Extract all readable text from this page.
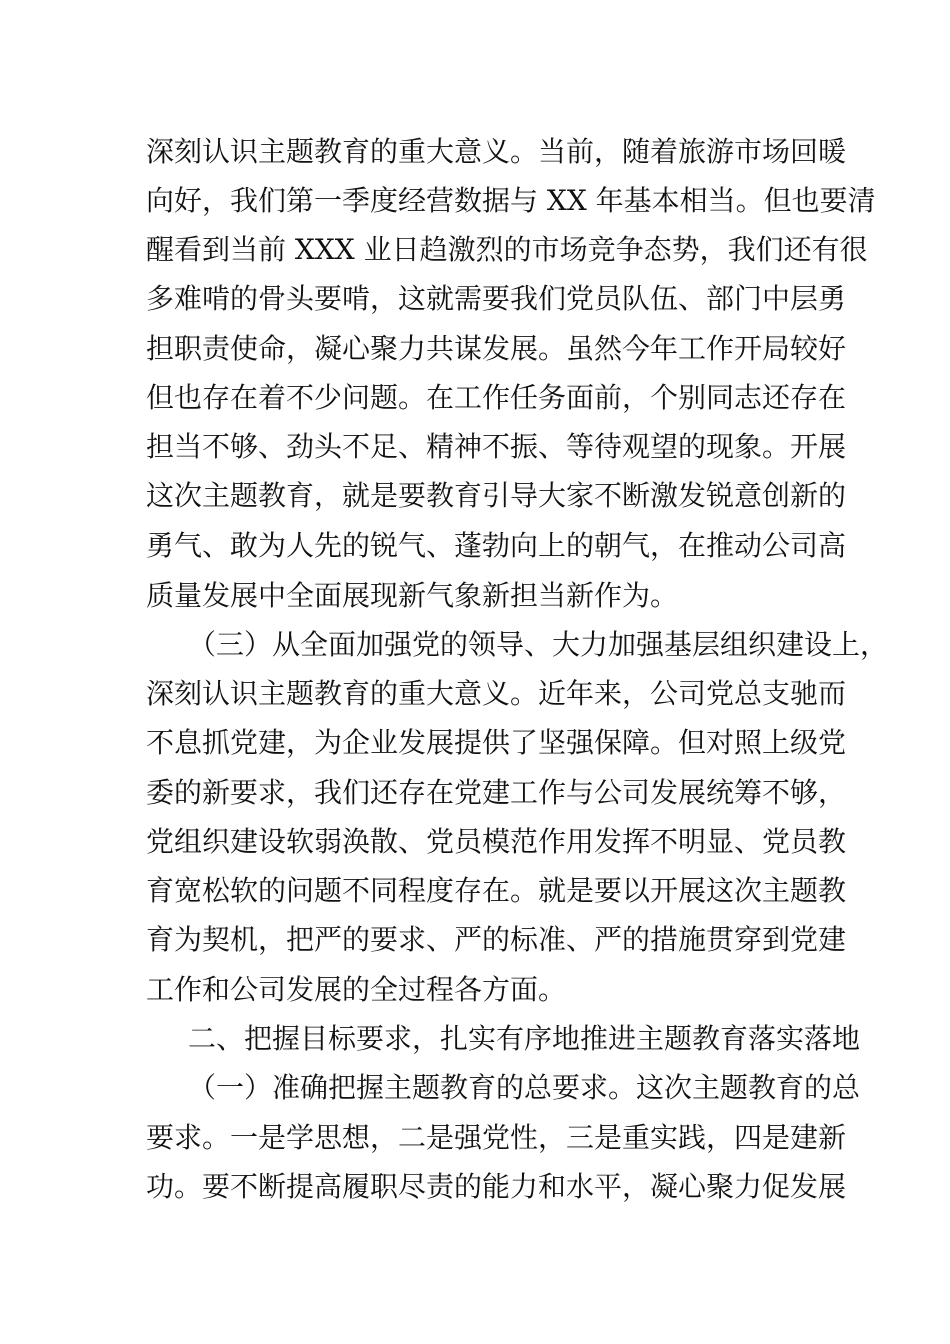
深刻认识主题教育的重大意义。当前，随着旅游市场回暖
向好，我们第一季度经营数据与 XX 年基本相当。但也要清
醒看到当前 XXX 业日趋激烈的市场竞争态势，我们还有很
多难啃的骨头要啃，这就需要我们党员队伍、部门中层勇
担职责使命，凝心聚力共谋发展。虽然今年工作开局较好
但也存在着不少问题。在工作任务面前，个别同志还存在
担当不够、劲头不足、精神不振、等待观望的现象。开展
这次主题教育，就是要教育引导大家不断激发锐意创新的
勇气、敢为人先的锐气、蓬勃向上的朝气，在推动公司高
质量发展中全面展现新气象新担当新作为。
（三）从全面加强党的领导、大力加强基层组织建设上，
深刻认识主题教育的重大意义。近年来，公司党总支驰而
不息抓党建，为企业发展提供了坚强保障。但对照上级党
委的新要求，我们还存在党建工作与公司发展统筹不够，
党组织建设软弱涣散、党员模范作用发挥不明显、党员教
育宽松软的问题不同程度存在。就是要以开展这次主题教
育为契机，把严的要求、严的标准、严的措施贯穿到党建
工作和公司发展的全过程各方面。
二、把握目标要求，扎实有序地推进主题教育落实落地
（一）准确把握主题教育的总要求。这次主题教育的总
要求。一是学思想，二是强党性，三是重实践，四是建新
功。要不断提高履职尽责的能力和水平，凝心聚力促发展
